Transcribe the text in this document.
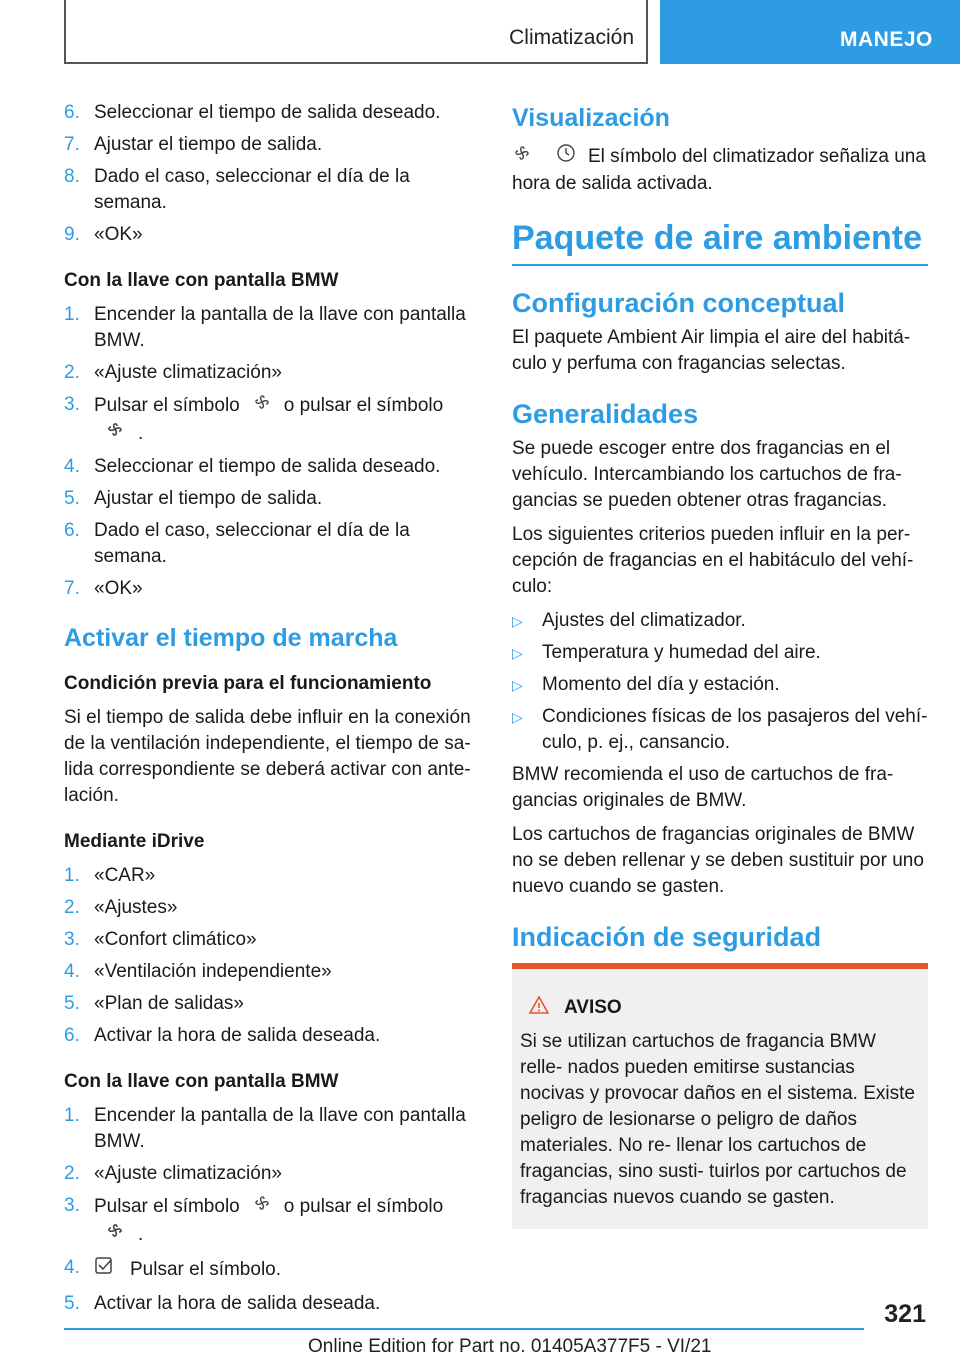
Climatización	MANEJO
6. Seleccionar el tiempo de salida deseado.
7. Ajustar el tiempo de salida.
8. Dado el caso, seleccionar el día de la semana.
9. «OK»
Con la llave con pantalla BMW
1. Encender la pantalla de la llave con pantalla BMW.
2. «Ajuste climatización»
3. Pulsar el símbolo o pulsar el símbolo.
4. Seleccionar el tiempo de salida deseado.
5. Ajustar el tiempo de salida.
6. Dado el caso, seleccionar el día de la semana.
7. «OK»
Activar el tiempo de marcha
Condición previa para el funcionamiento
Si el tiempo de salida debe influir en la conexión de la ventilación independiente, el tiempo de sa‐ lida correspondiente se deberá activar con ante‐ lación.
Mediante iDrive
1. «CAR»
2. «Ajustes»
3. «Confort climático»
4. «Ventilación independiente»
5. «Plan de salidas»
6. Activar la hora de salida deseada.
Con la llave con pantalla BMW
1. Encender la pantalla de la llave con pantalla BMW.
2. «Ajuste climatización»
3. Pulsar el símbolo o pulsar el símbolo.
4.	Pulsar el símbolo.
5. Activar la hora de salida deseada.
Visualización
El símbolo del climatizador señaliza una hora de salida activada.
Paquete de aire ambiente
Configuración conceptual
El paquete Ambient Air limpia el aire del habitá‐ culo y perfuma con fragancias selectas.
Generalidades
Se puede escoger entre dos fragancias en el vehículo. Intercambiando los cartuchos de fra‐ gancias se pueden obtener otras fragancias.
Los siguientes criterios pueden influir en la per‐ cepción de fragancias en el habitáculo del vehí‐ culo:
▷ Ajustes del climatizador.
▷ Temperatura y humedad del aire.
▷ Momento del día y estación.
▷ Condiciones físicas de los pasajeros del vehí‐ culo, p. ej., cansancio.
BMW recomienda el uso de cartuchos de fra‐ gancias originales de BMW.
Los cartuchos de fragancias originales de BMW no se deben rellenar y se deben sustituir por uno nuevo cuando se gasten.
Indicación de seguridad
AVISO
Si se utilizan cartuchos de fragancia BMW relle‐ nados pueden emitirse sustancias nocivas y provocar daños en el sistema. Existe peligro de lesionarse o peligro de daños materiales. No re‐ llenar los cartuchos de fragancias, sino susti‐ tuirlos por cartuchos de fragancias nuevos cuando se gasten.
321
Online Edition for Part no. 01405A377F5 - VI/21
